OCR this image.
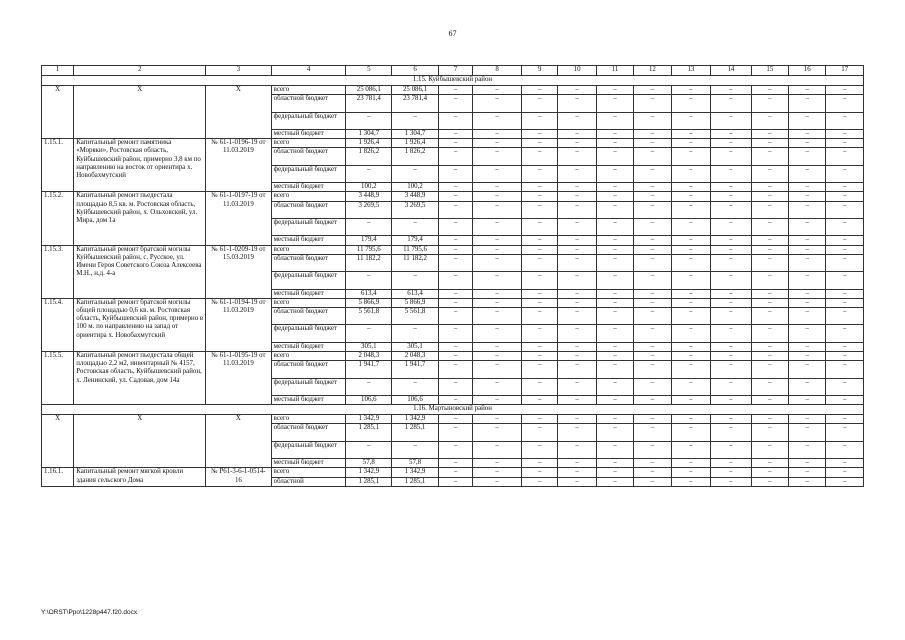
67
1	2	3	4	5	6	7	8	9	10	11	12	13	14	15	16	17
1.15. Куйбышевский район																
X	X	X	всего	25 086,1	25 086,1	–	–	–	–	–	–	–	–	–	–	–
			областной бюджет	23 781,4	23 781,4	–	–	–	–	–	–	–	–	–	–	–
			федеральный бюджет	–	–	–	–	–	–	–	–	–	–	–	–	–
			местный бюджет	1 304,7	1 304,7	–	–	–	–	–	–	–	–	–	–	–
1.15.1.	Капитальный ремонт памятника «Моряки», Ростовская область, Куйбышевский район, примерно 3,8 км по направлению на восток от ориентира х. Новобахмутский	№ 61-1-0196-19 от 11.03.2019	всего	1 926,4	1 926,4	–	–	–	–	–	–	–	–	–	–	–
			областной бюджет	1 826,2	1 826,2	–	–	–	–	–	–	–	–	–	–	–
			федеральный бюджет	–	–	–	–	–	–	–	–	–	–	–	–	–
			местный бюджет	100,2	100,2	–	–	–	–	–	–	–	–	–	–	–
1.15.2.	Капитальный ремонт пьедестала площадью 8,5 кв. м. Ростовская область, Куйбышевский район, х. Ольховский, ул. Мира, дом 1а	№ 61-1-0197-19 от 11.03.2019	всего	3 448,9	3 448,9	–	–	–	–	–	–	–	–	–	–	–
			областной бюджет	3 269,5	3 269,5	–	–	–	–	–	–	–	–	–	–	–
			федеральный бюджет	–	–	–	–	–	–	–	–	–	–	–	–	–
			местный бюджет	179,4	179,4	–	–	–	–	–	–	–	–	–	–	–
1.15.3.	Капитальный ремонт братской могилы Куйбышевский район, с. Русское, ул. Имени Героя Советского Союза Алексеева М.Н., н.д. 4-а	№ 61-1-0209-19 от 15.03.2019	всего	11 795,6	11 795,6	–	–	–	–	–	–	–	–	–	–	–
			областной бюджет	11 182,2	11 182,2	–	–	–	–	–	–	–	–	–	–	–
			федеральный бюджет	–	–	–	–	–	–	–	–	–	–	–	–	–
			местный бюджет	613,4	613,4	–	–	–	–	–	–	–	–	–	–	–
1.15.4.	Капитальный ремонт братской могилы общей площадью 0,6 кв. м. Ростовская область, Куйбышевский район, примерно в 100 м. по направлению на запад от ориентира х. Новобахмутский	№ 61-1-0194-19 от 11.03.2019	всего	5 866,9	5 866,9	–	–	–	–	–	–	–	–	–	–	–
			областной бюджет	5 561,8	5 561,8	–	–	–	–	–	–	–	–	–	–	–
			федеральный бюджет	–	–	–	–	–	–	–	–	–	–	–	–	–
			местный бюджет	305,1	305,1	–	–	–	–	–	–	–	–	–	–	–
1.15.5.	Капитальный ремонт пьедестала общей площадью 2,2 м2, инвентарный № 4157, Ростовская область, Куйбышевский район, х. Ленинский, ул. Садовая, дом 14а	№ 61-1-0195-19 от 11.03.2019	всего	2 048,3	2 048,3	–	–	–	–	–	–	–	–	–	–	–
			областной бюджет	1 941,7	1 941,7	–	–	–	–	–	–	–	–	–	–	–
			федеральный бюджет	–	–	–	–	–	–	–	–	–	–	–	–	–
			местный бюджет	106,6	106,6	–	–	–	–	–	–	–	–	–	–	–
1.16. Мартыновский район																
X	X	X	всего	1 342,9	1 342,9	–	–	–	–	–	–	–	–	–	–	–
			областной бюджет	1 285,1	1 285,1	–	–	–	–	–	–	–	–	–	–	–
			федеральный бюджет	–	–	–	–	–	–	–	–	–	–	–	–	–
			местный бюджет	57,8	57,8	–	–	–	–	–	–	–	–	–	–	–
1.16.1.	Капитальный ремонт мягкой кровли здания сельского Дома	№ Р61-3-6-1-0514-16	всего	1 342,9	1 342,9	–	–	–	–	–	–	–	–	–	–	–
			областной	1 285,1	1 285,1	–	–	–	–	–	–	–	–	–	–	–
Y:\ORST\Ppo\1228p447.f20.docx
